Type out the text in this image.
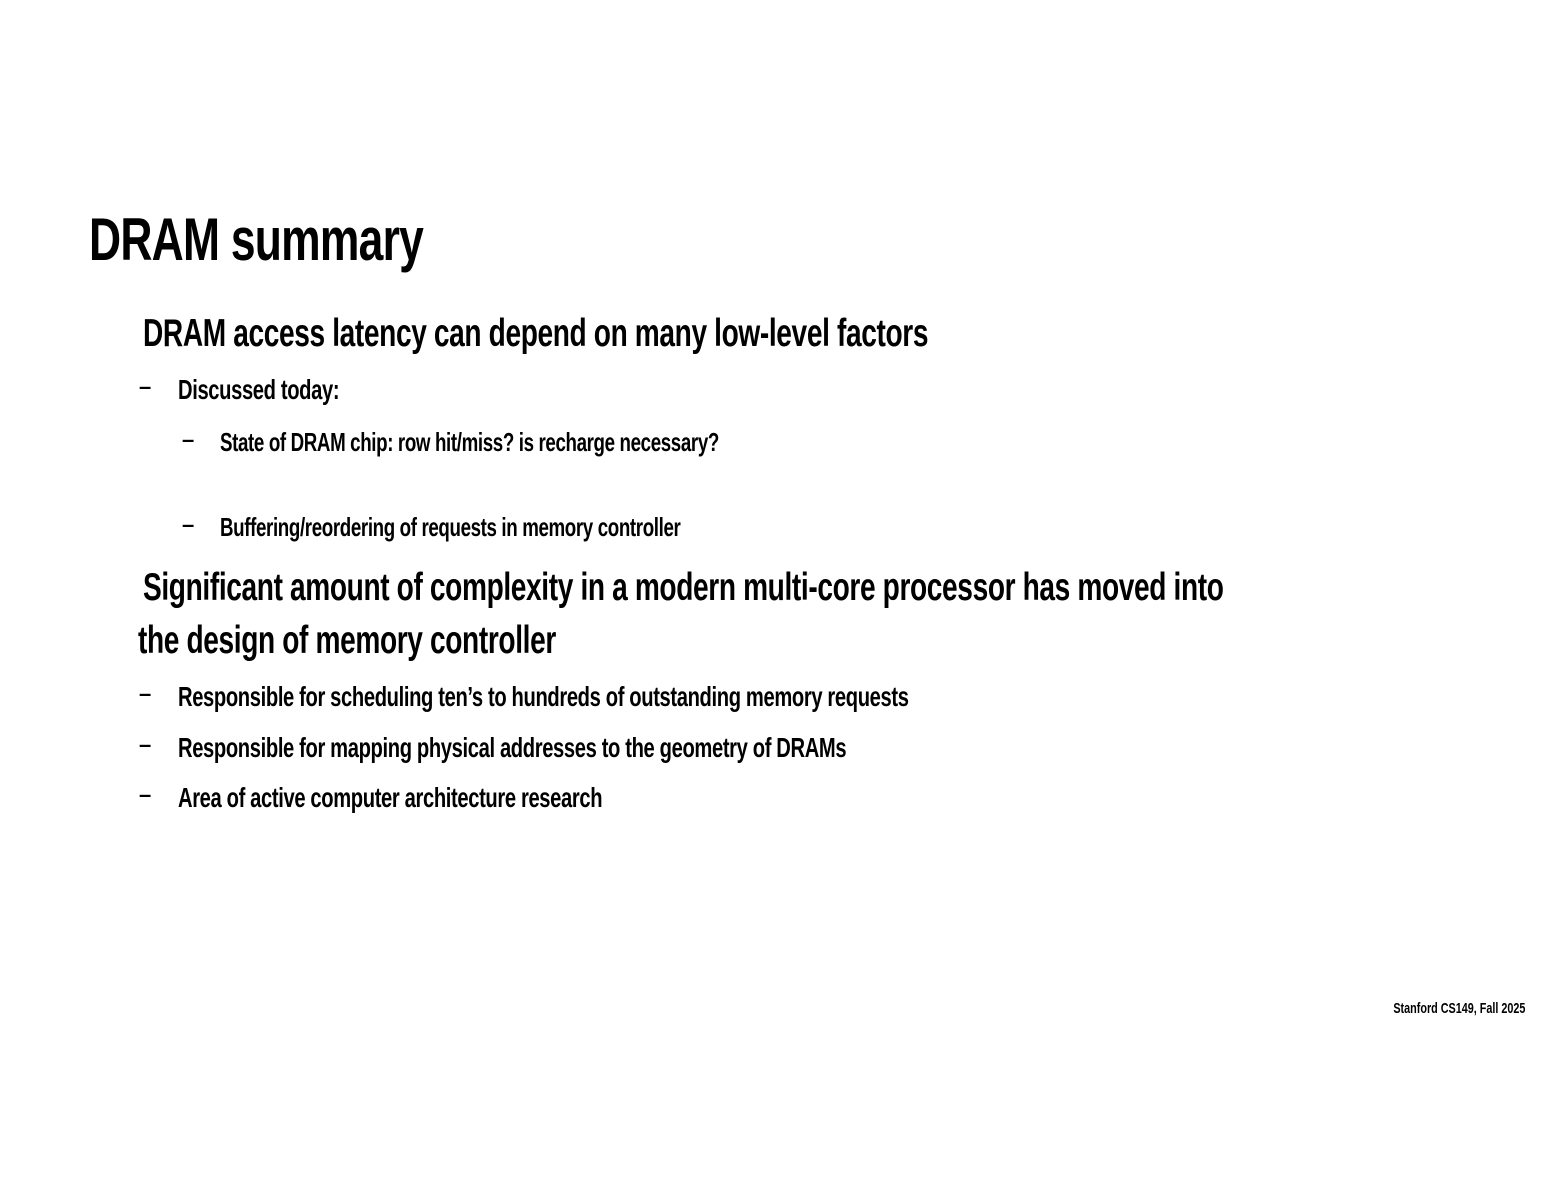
DRAM summary
DRAM access latency can depend on many low-level factors
– Discussed today:
– State of DRAM chip: row hit/miss? is recharge necessary?
– Buffering/reordering of requests in memory controller
Significant amount of complexity in a modern multi-core processor has moved into
the design of memory controller
– Responsible for scheduling ten’s to hundreds of outstanding memory requests
– Responsible for mapping physical addresses to the geometry of DRAMs
– Area of active computer architecture research
Stanford CS149, Fall 2025
